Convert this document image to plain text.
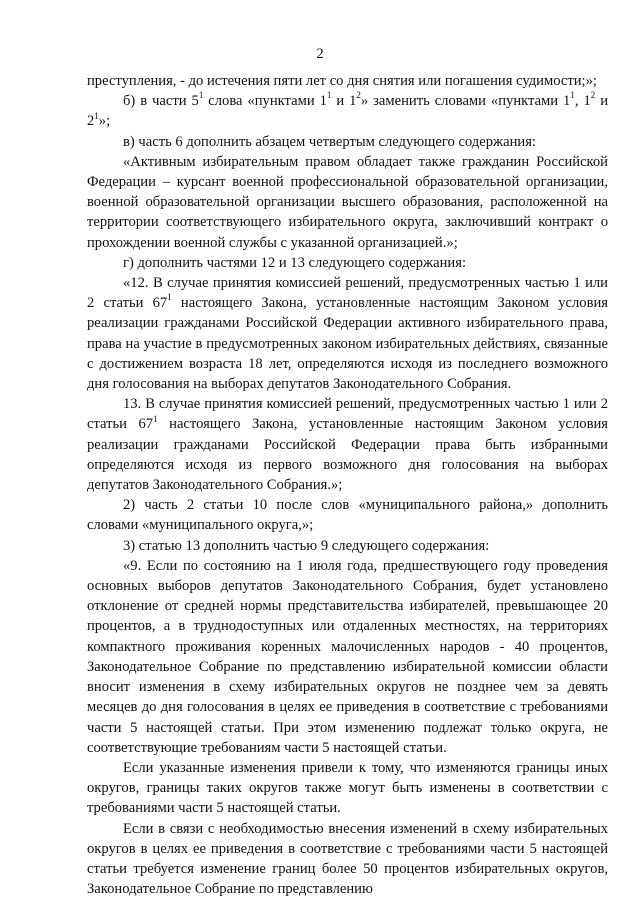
2

преступления, - до истечения пяти лет со дня снятия или погашения судимости;»;

б) в части $5^1$ слова «пунктами $1^1$ и $1^2$» заменить словами «пунктами $1^1$, $1^2$ и $2^1$»;

в) часть 6 дополнить абзацем четвертым следующего содержания:

«Активным избирательным правом обладает также гражданин Российской Федерации – курсант военной профессиональной образовательной организации, военной образовательной организации высшего образования, расположенной на территории соответствующего избирательного округа, заключивший контракт о прохождении военной службы с указанной организацией.»;

г) дополнить частями 12 и 13 следующего содержания:

«12. В случае принятия комиссией решений, предусмотренных частью 1 или 2 статьи $67^1$ настоящего Закона, установленные настоящим Законом условия реализации гражданами Российской Федерации активного избирательного права, права на участие в предусмотренных законом избирательных действиях, связанные с достижением возраста 18 лет, определяются исходя из последнего возможного дня голосования на выборах депутатов Законодательного Собрания.

13. В случае принятия комиссией решений, предусмотренных частью 1 или 2 статьи $67^1$ настоящего Закона, установленные настоящим Законом условия реализации гражданами Российской Федерации права быть избранными определяются исходя из первого возможного дня голосования на выборах депутатов Законодательного Собрания.»;

2) часть 2 статьи 10 после слов «муниципального района,» дополнить словами «муниципального округа,»;

3) статью 13 дополнить частью 9 следующего содержания:

«9. Если по состоянию на 1 июля года, предшествующего году проведения основных выборов депутатов Законодательного Собрания, будет установлено отклонение от средней нормы представительства избирателей, превышающее 20 процентов, а в труднодоступных или отдаленных местностях, на территориях компактного проживания коренных малочисленных народов - 40 процентов, Законодательное Собрание по представлению избирательной комиссии области вносит изменения в схему избирательных округов не позднее чем за девять месяцев до дня голосования в целях ее приведения в соответствие с требованиями части 5 настоящей статьи. При этом изменению подлежат только округа, не соответствующие требованиям части 5 настоящей статьи.

Если указанные изменения привели к тому, что изменяются границы иных округов, границы таких округов также могут быть изменены в соответствии с требованиями части 5 настоящей статьи.

Если в связи с необходимостью внесения изменений в схему избирательных округов в целях ее приведения в соответствие с требованиями части 5 настоящей статьи требуется изменение границ более 50 процентов избирательных округов, Законодательное Собрание по представлению
